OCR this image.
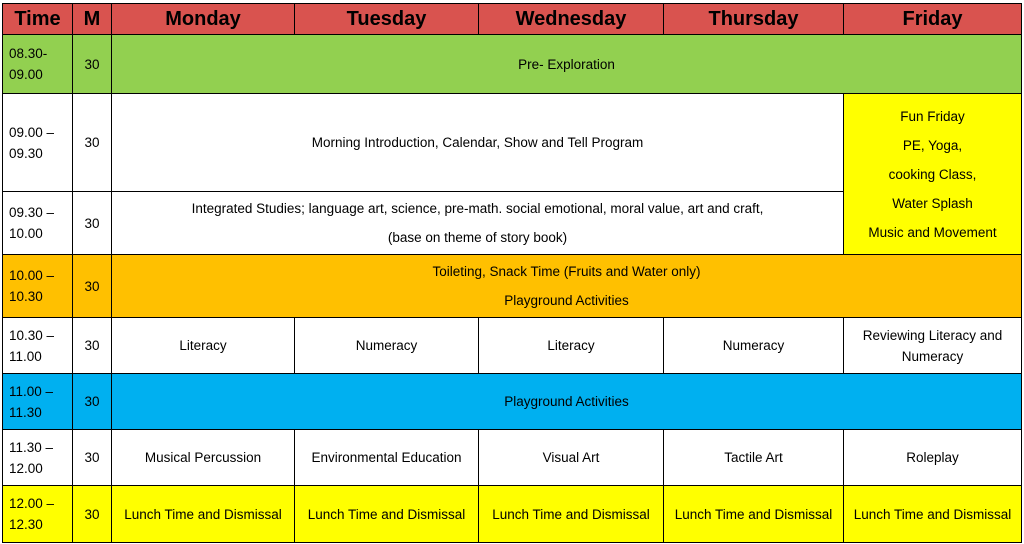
Time	M	Monday	Tuesday	Wednesday	Thursday	Friday

08.30-
09.00	30	Pre- Exploration				

09.00 –
09.30	30	Morning Introduction, Calendar, Show and Tell Program				Fun Friday
PE, Yoga,
cooking Class,
Water Splash
Music and Movement

09.30 –
10.00	30	Integrated Studies; language art, science, pre-math. social emotional, moral value, art and craft,
(base on theme of story book)				

10.00 –
10.30	30	Toileting, Snack Time (Fruits and Water only)
Playground Activities				

10.30 –
11.00	30	Literacy	Numeracy	Literacy	Numeracy	Reviewing Literacy and Numeracy

11.00 –
11.30	30	Playground Activities				

11.30 –
12.00	30	Musical Percussion	Environmental Education	Visual Art	Tactile Art	Roleplay

12.00 –
12.30	30	Lunch Time and Dismissal	Lunch Time and Dismissal	Lunch Time and Dismissal	Lunch Time and Dismissal	Lunch Time and Dismissal
